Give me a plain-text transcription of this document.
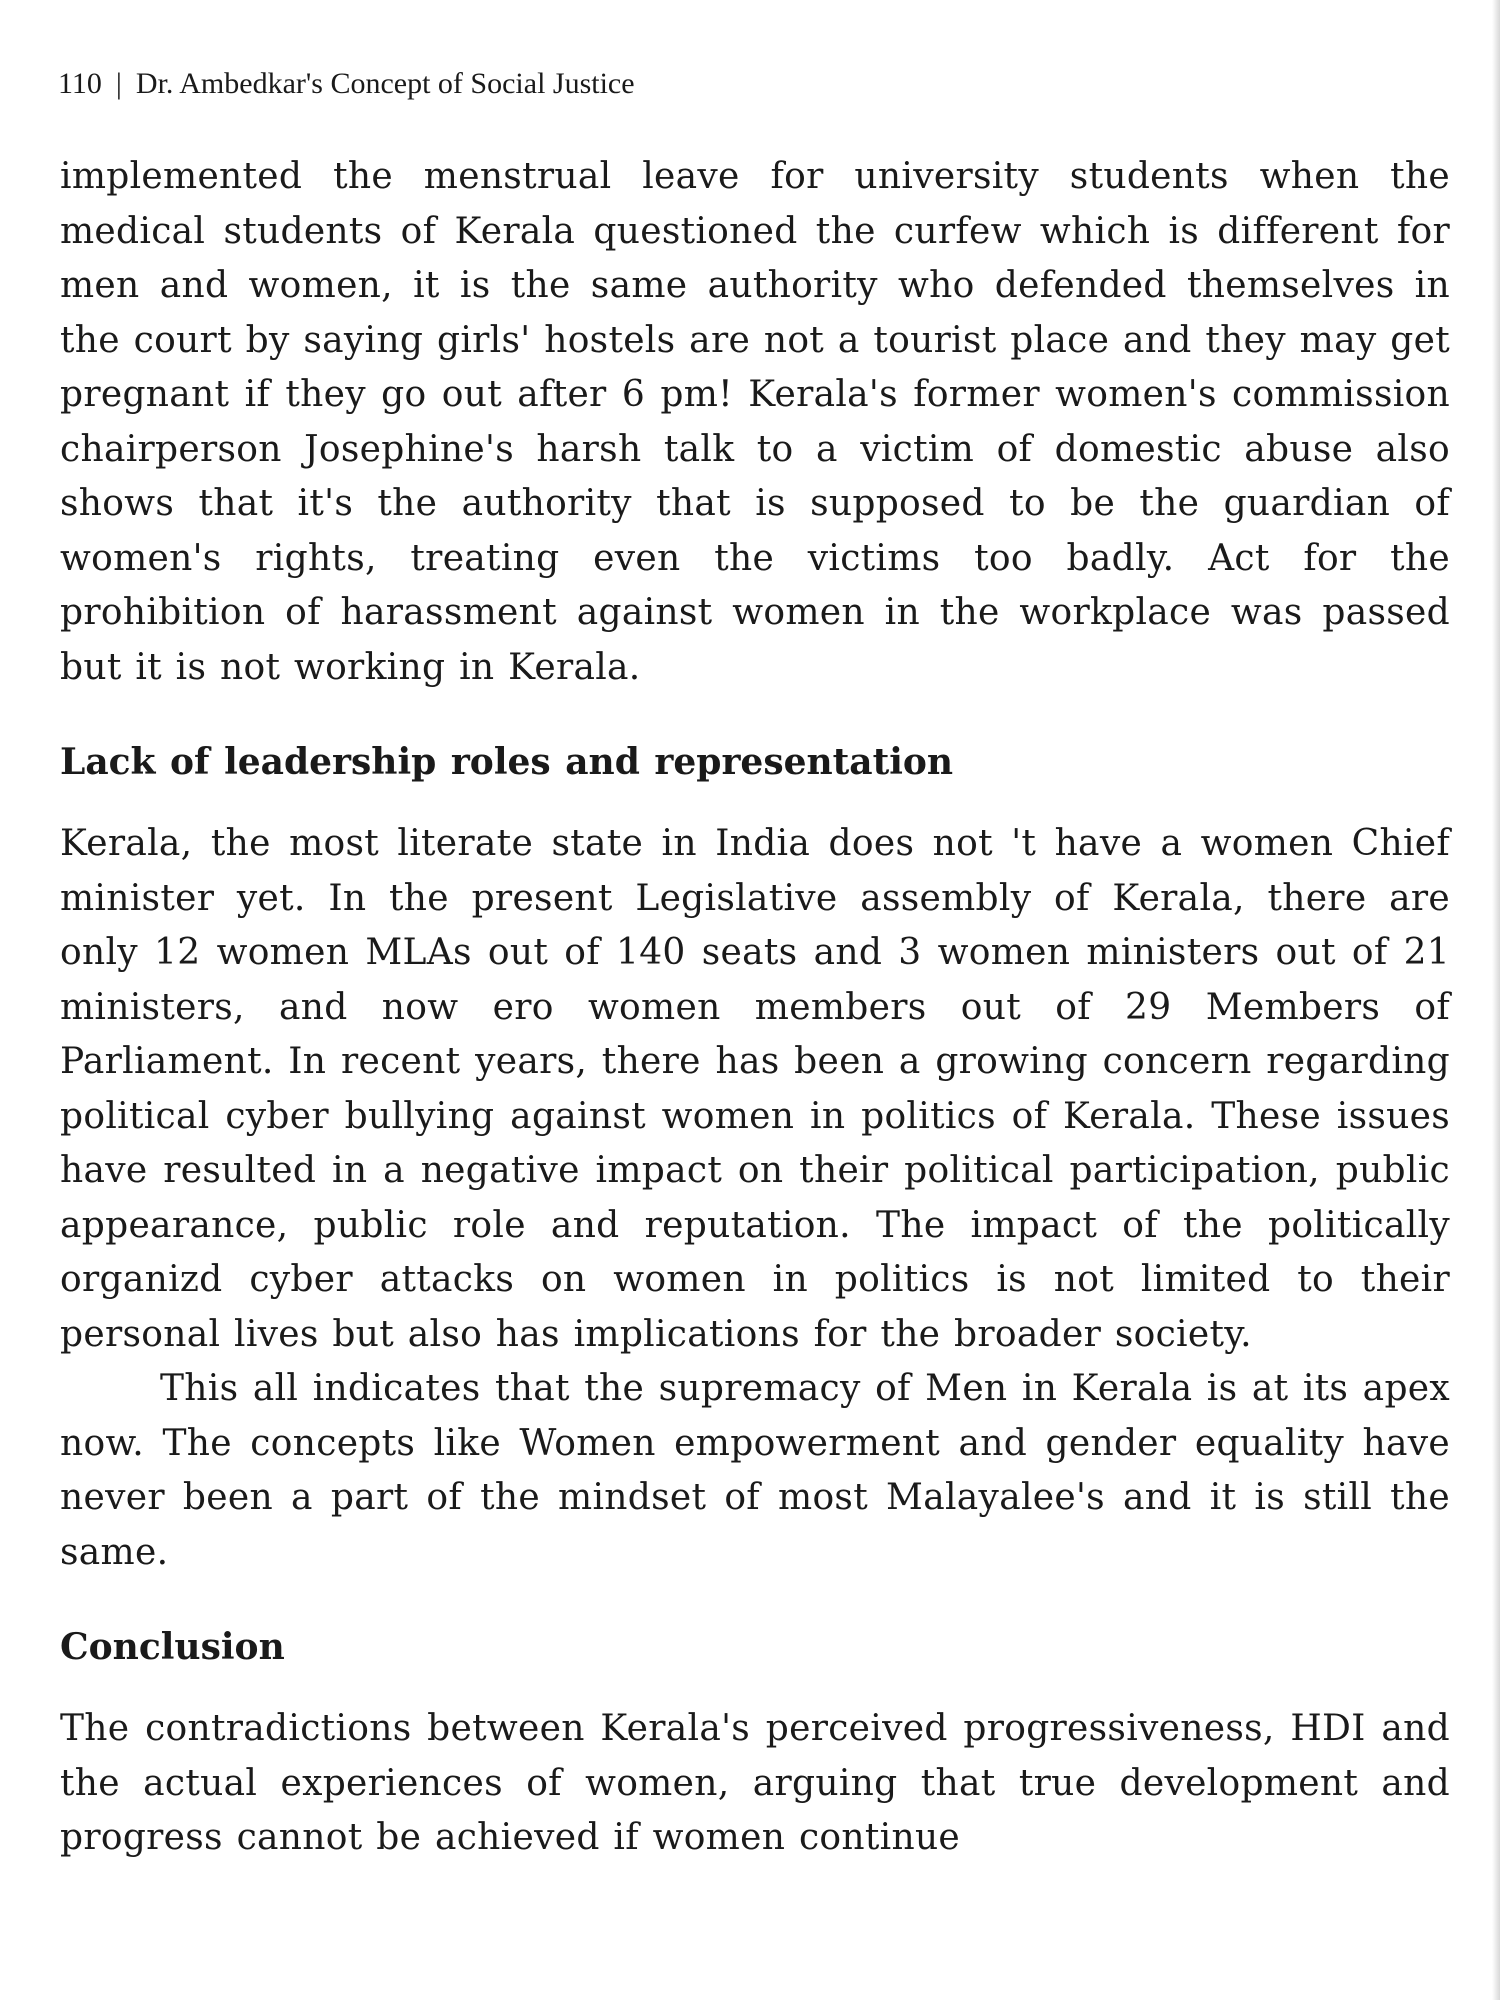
110 | Dr. Ambedkar's Concept of Social Justice

implemented the menstrual leave for university students when the medical students of Kerala questioned the curfew which is different for men and women, it is the same authority who defended themselves in the court by saying girls' hostels are not a tourist place and they may get pregnant if they go out after 6 pm! Kerala's former women's commission chairperson Josephine's harsh talk to a victim of domestic abuse also shows that it's the authority that is supposed to be the guardian of women's rights, treating even the victims too badly. Act for the prohibition of harassment against women in the workplace was passed but it is not working in Kerala.

Lack of leadership roles and representation

Kerala, the most literate state in India does not 't have a women Chief minister yet. In the present Legislative assembly of Kerala, there are only 12 women MLAs out of 140 seats and 3 women ministers out of 21 ministers, and now ero women members out of 29 Members of Parliament. In recent years, there has been a growing concern regarding political cyber bullying against women in politics of Kerala. These issues have resulted in a negative impact on their political participation, public appearance, public role and reputation. The impact of the politically organizd cyber attacks on women in politics is not limited to their personal lives but also has implications for the broader society.

This all indicates that the supremacy of Men in Kerala is at its apex now. The concepts like Women empowerment and gender equality have never been a part of the mindset of most Malayalee's and it is still the same.

Conclusion

The contradictions between Kerala's perceived progressiveness, HDI and the actual experiences of women, arguing that true development and progress cannot be achieved if women continue
